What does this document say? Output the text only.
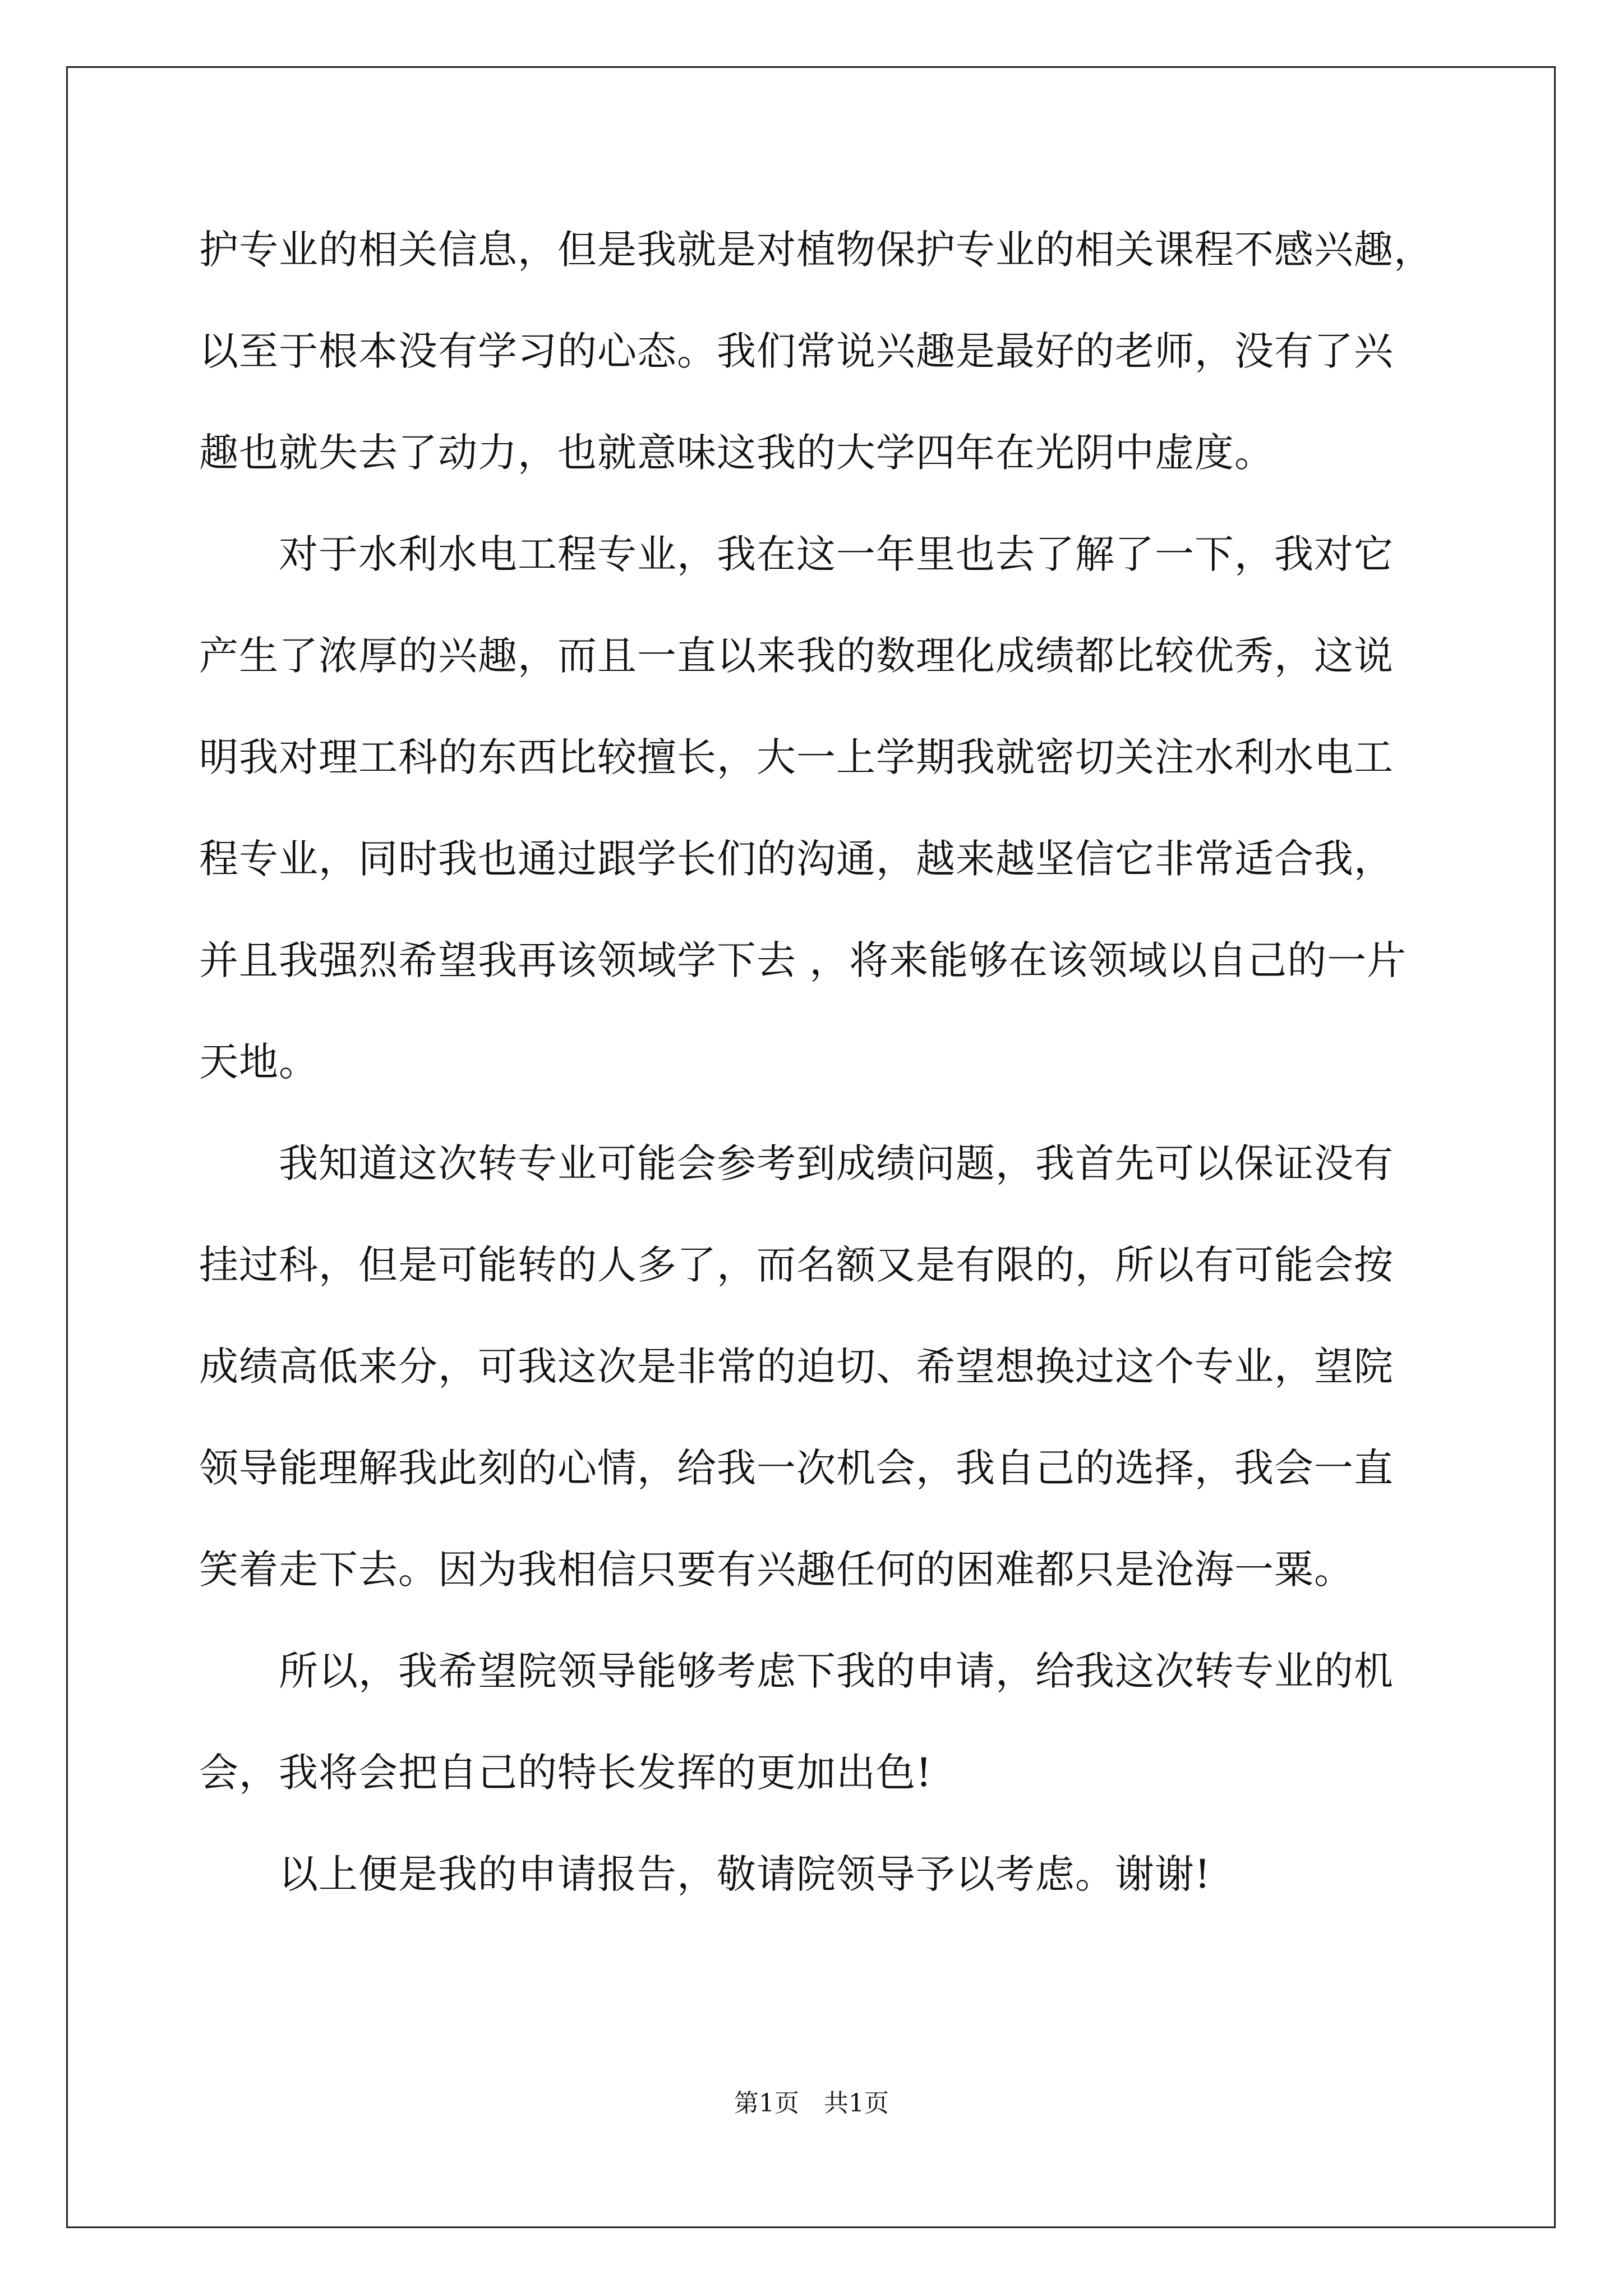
护专业的相关信息，但是我就是对植物保护专业的相关课程不感兴趣，
以至于根本没有学习的心态。我们常说兴趣是最好的老师，没有了兴
趣也就失去了动力，也就意味这我的大学四年在光阴中虚度。
　　对于水利水电工程专业，我在这一年里也去了解了一下，我对它
产生了浓厚的兴趣，而且一直以来我的数理化成绩都比较优秀，这说
明我对理工科的东西比较擅长，大一上学期我就密切关注水利水电工
程专业，同时我也通过跟学长们的沟通，越来越坚信它非常适合我，
并且我强烈希望我再该领域学下去 ，将来能够在该领域以自己的一片
天地。
　　我知道这次转专业可能会参考到成绩问题，我首先可以保证没有
挂过科，但是可能转的人多了，而名额又是有限的，所以有可能会按
成绩高低来分，可我这次是非常的迫切、希望想换过这个专业，望院
领导能理解我此刻的心情，给我一次机会，我自己的选择，我会一直
笑着走下去。因为我相信只要有兴趣任何的困难都只是沧海一粟。
　　所以，我希望院领导能够考虑下我的申请，给我这次转专业的机
会，我将会把自己的特长发挥的更加出色!
　　以上便是我的申请报告，敬请院领导予以考虑。谢谢!
第1页　共1页
